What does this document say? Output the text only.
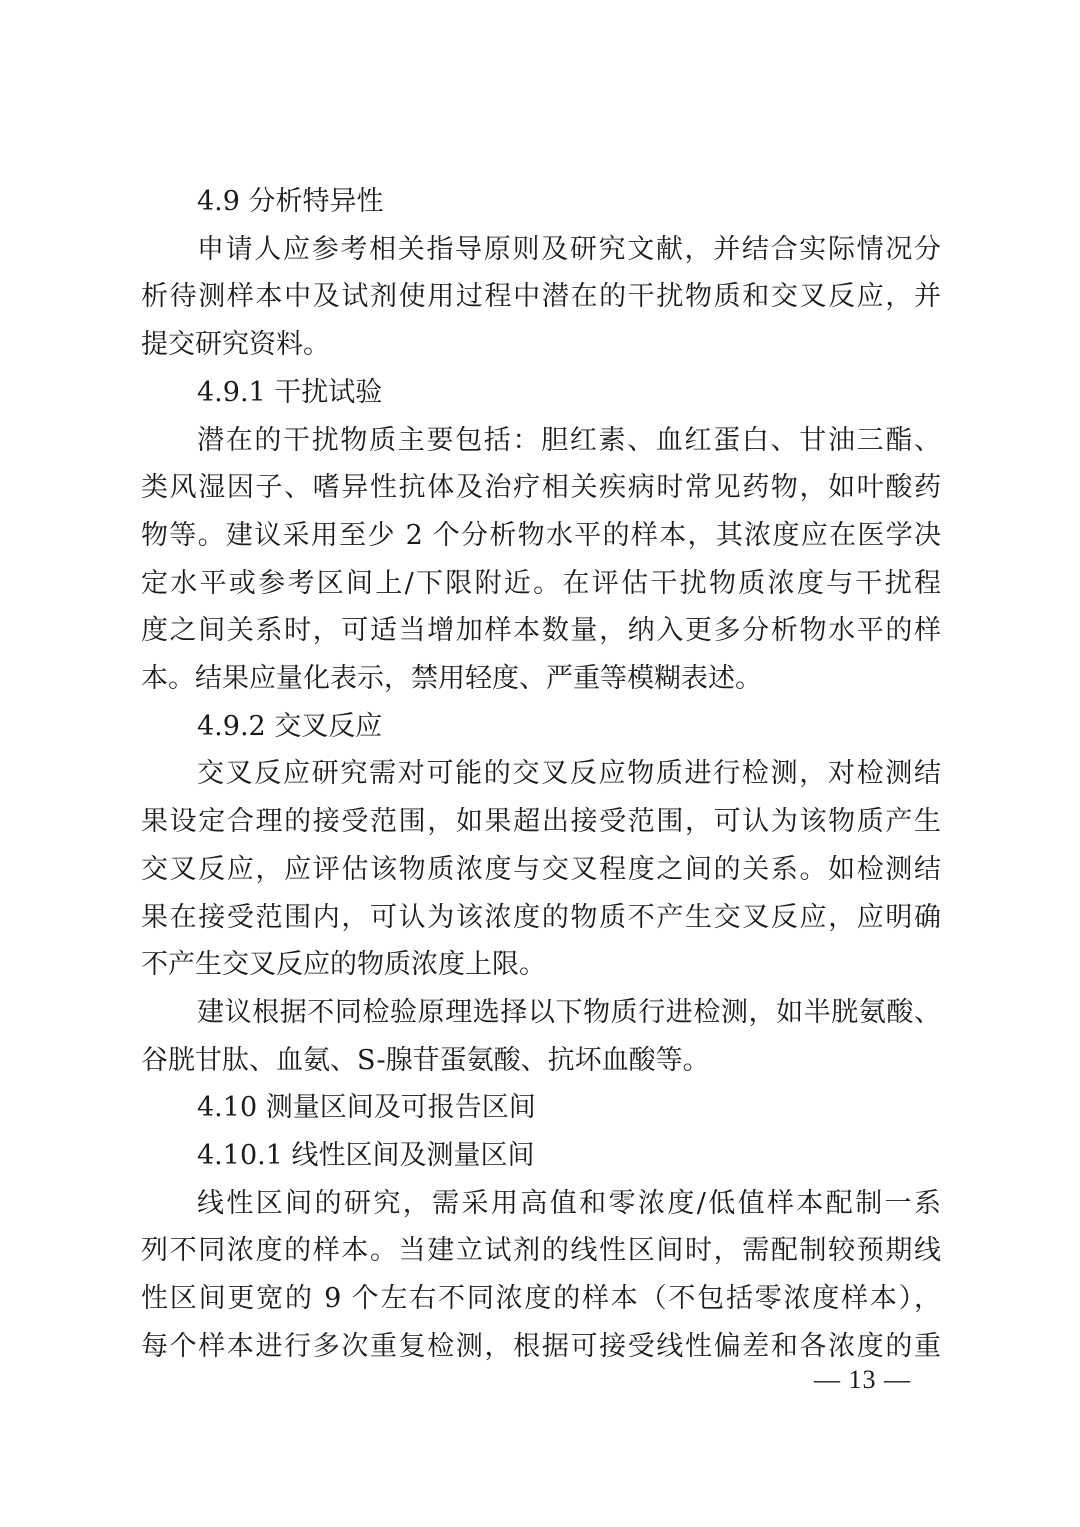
4.9 分析特异性
申请人应参考相关指导原则及研究文献，并结合实际情况分
析待测样本中及试剂使用过程中潜在的干扰物质和交叉反应，并
提交研究资料。
4.9.1 干扰试验
潜在的干扰物质主要包括：胆红素、血红蛋白、甘油三酯、
类风湿因子、嗜异性抗体及治疗相关疾病时常见药物，如叶酸药
物等。建议采用至少 2 个分析物水平的样本，其浓度应在医学决
定水平或参考区间上/下限附近。在评估干扰物质浓度与干扰程
度之间关系时，可适当增加样本数量，纳入更多分析物水平的样
本。结果应量化表示，禁用轻度、严重等模糊表述。
4.9.2 交叉反应
交叉反应研究需对可能的交叉反应物质进行检测，对检测结
果设定合理的接受范围，如果超出接受范围，可认为该物质产生
交叉反应，应评估该物质浓度与交叉程度之间的关系。如检测结
果在接受范围内，可认为该浓度的物质不产生交叉反应，应明确
不产生交叉反应的物质浓度上限。
建议根据不同检验原理选择以下物质行进检测，如半胱氨酸、
谷胱甘肽、血氨、S-腺苷蛋氨酸、抗坏血酸等。
4.10 测量区间及可报告区间
4.10.1 线性区间及测量区间
线性区间的研究，需采用高值和零浓度/低值样本配制一系
列不同浓度的样本。当建立试剂的线性区间时，需配制较预期线
性区间更宽的 9 个左右不同浓度的样本（不包括零浓度样本），
每个样本进行多次重复检测，根据可接受线性偏差和各浓度的重
— 13 —
